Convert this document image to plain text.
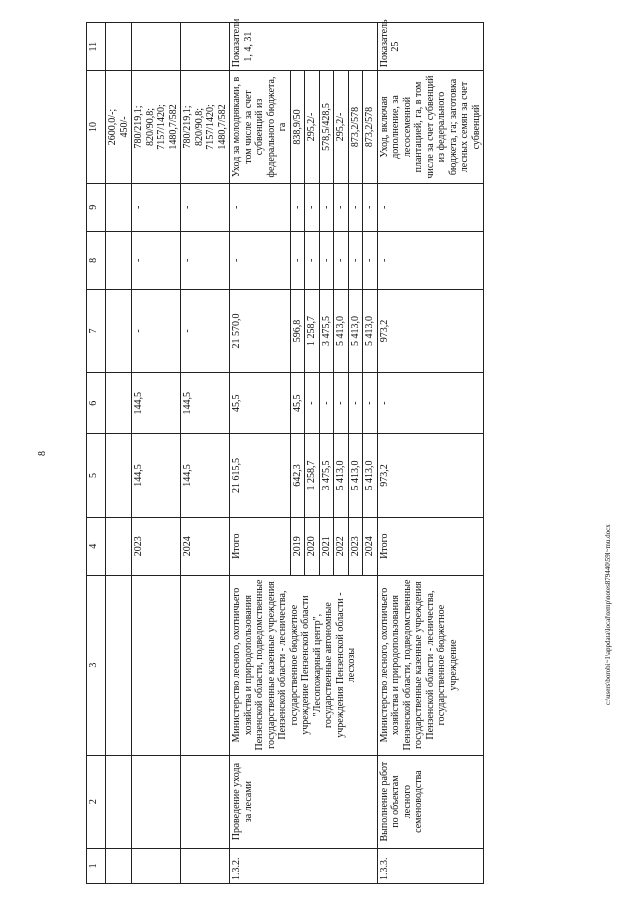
8
c:\users\borobi~1\appdata\local\temp\notes879440\59l~mu.docx
1	2	3	4	5	6	7	8	9	10	11
									2600,0/-;
450/-	
			2023	144,5	144,5	-	-	-	780/219,1;
820/90,8;
7157/1420;
1480,7/582	
			2024	144,5	144,5	-	-	-	780/219,1;
820/90,8;
7157/1420;
1480,7/582	
1.3.2.	Проведение ухода за лесами	Министерство лесного, охотничьего хозяйства и природопользования Пензенской области, подведомственные государственные казенные учреждения Пензенской области - лесничества, государственное бюджетное учреждение Пензенской области "Лесопожарный центр", государственные автономные учреждения Пензенской области - лесхозы	Итого	21 615,5	45,5	21 570,0	-	-	Уход за молодняками, в том числе за счет субвенций из федерального бюджета, га	Показатели 1, 4, 31
			2019	642,3	45,5	596,8	-	-	838,9/50	
			2020	1 258,7	-	1 258,7	-	-	295,2/-	
			2021	3 475,5	-	3 475,5	-	-	578,5/428,5	
			2022	5 413,0	-	5 413,0	-	-	295,2/-	
			2023	5 413,0	-	5 413,0	-	-	873,2/578	
			2024	5 413,0	-	5 413,0	-	-	873,2/578	
1.3.3.	Выполнение работ по объектам лесного семеноводства	Министерство лесного, охотничьего хозяйства и природопользования Пензенской области, подведомственные государственные казенные учреждения Пензенской области - лесничества, государственное бюджетное учреждение	Итого	973,2	-	973,2	-	-	Уход, включая дополнение, за лесосеменной плантацией, га, в том числе за счет субвенций из федерального бюджета, га; заготовка лесных семян за счет субвенций	Показатель 25
